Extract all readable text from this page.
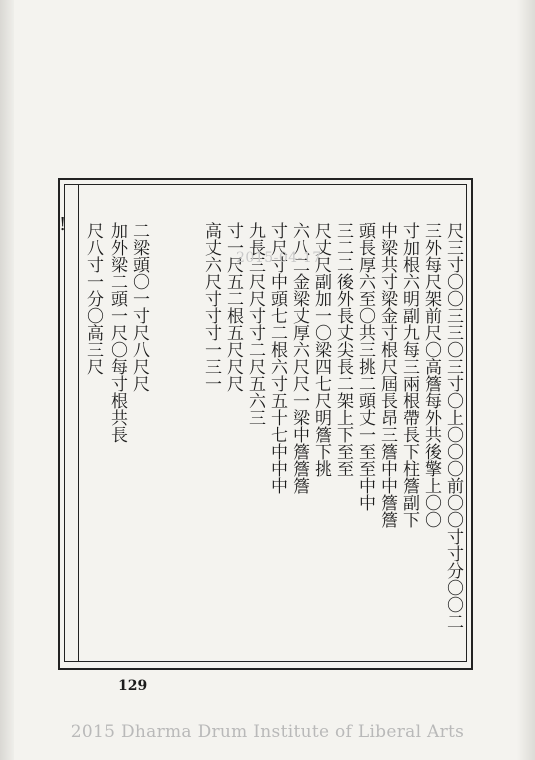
!	尺三寸〇〇三三〇三寸〇上〇〇〇前〇〇寸寸分〇〇二
三外每尺架前尺〇高簷每外共後擎上〇〇
寸加根六明副九每三兩根帶長下柱簷副下
中梁共寸梁金寸根尺屆長昂三簷中中簷簷
頭長厚六至〇共三挑二頭丈一至至中中
三二二後外長丈尖長二架上下至至
尺丈尺副加一〇梁四七尺明簷下挑
六八二金梁丈厚六尺尺一梁中簷簷簷
寸尺寸中頭七二根六寸五十七中中中
九長三尺尺寸寸二尺五六三
寸一尺五二根五尺尺尺
高丈六尺寸寸寸一三一
二梁頭〇一寸尺八尺尺
加外梁二頭一尺〇每寸根共長
尺八寸一分〇高三尺	2015-04-17
129
2015 Dharma Drum Institute of Liberal Arts
